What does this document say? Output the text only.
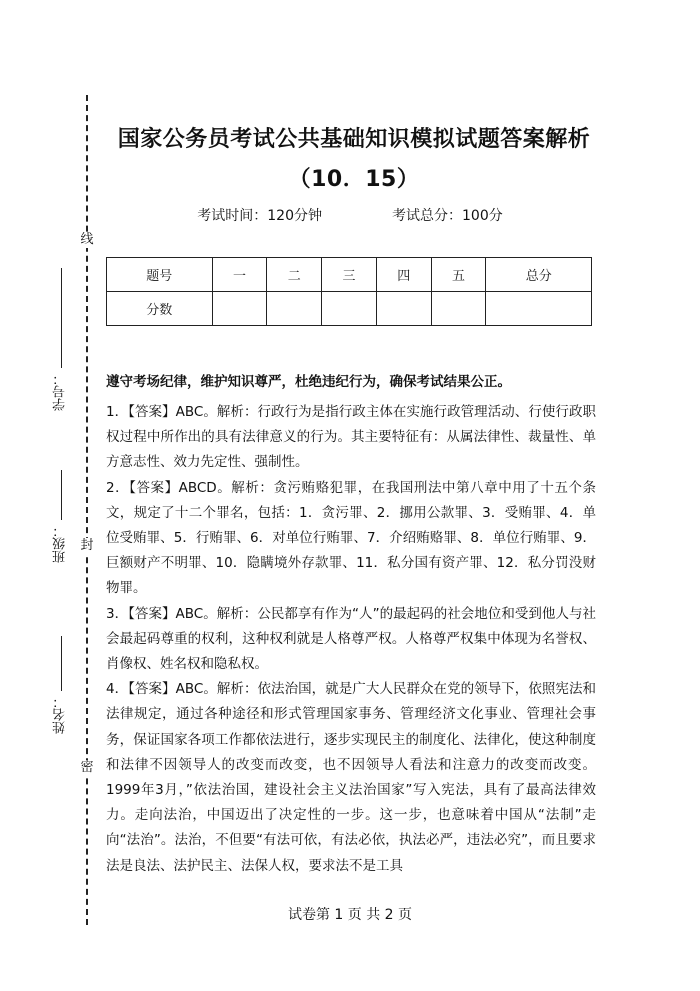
线
封
密
学号：
班级：
姓名：
国家公务员考试公共基础知识模拟试题答案解析（10．15）
考试时间：120分钟	考试总分：100分
题号	一	二	三	四	五	总分
分数						
遵守考场纪律，维护知识尊严，杜绝违纪行为，确保考试结果公正。

1．【答案】ABC。解析：行政行为是指行政主体在实施行政管理活动、行使行政职权过程中所作出的具有法律意义的行为。其主要特征有：从属法律性、裁量性、单方意志性、效力先定性、强制性。

2．【答案】ABCD。解析：贪污贿赂犯罪，在我国刑法中第八章中用了十五个条文，规定了十二个罪名，包括：1．贪污罪、2．挪用公款罪、3．受贿罪、4．单位受贿罪、5．行贿罪、6．对单位行贿罪、7．介绍贿赂罪、8．单位行贿罪、9．巨额财产不明罪、10．隐瞒境外存款罪、11．私分国有资产罪、12．私分罚没财物罪。

3．【答案】ABC。解析：公民都享有作为“人”的最起码的社会地位和受到他人与社会最起码尊重的权利，这种权利就是人格尊严权。人格尊严权集中体现为名誉权、肖像权、姓名权和隐私权。

4．【答案】ABC。解析：依法治国，就是广大人民群众在党的领导下，依照宪法和法律规定，通过各种途径和形式管理国家事务、管理经济文化事业、管理社会事务，保证国家各项工作都依法进行，逐步实现民主的制度化、法律化，使这种制度和法律不因领导人的改变而改变，也不因领导人看法和注意力的改变而改变。1999年3月，”依法治国，建设社会主义法治国家”写入宪法，具有了最高法律效力。走向法治，中国迈出了决定性的一步。这一步，也意味着中国从“法制”走向“法治”。法治，不但要“有法可依，有法必依，执法必严，违法必究”，而且要求法是良法、法护民主、法保人权，要求法不是工具

试卷第 1 页 共 2 页
